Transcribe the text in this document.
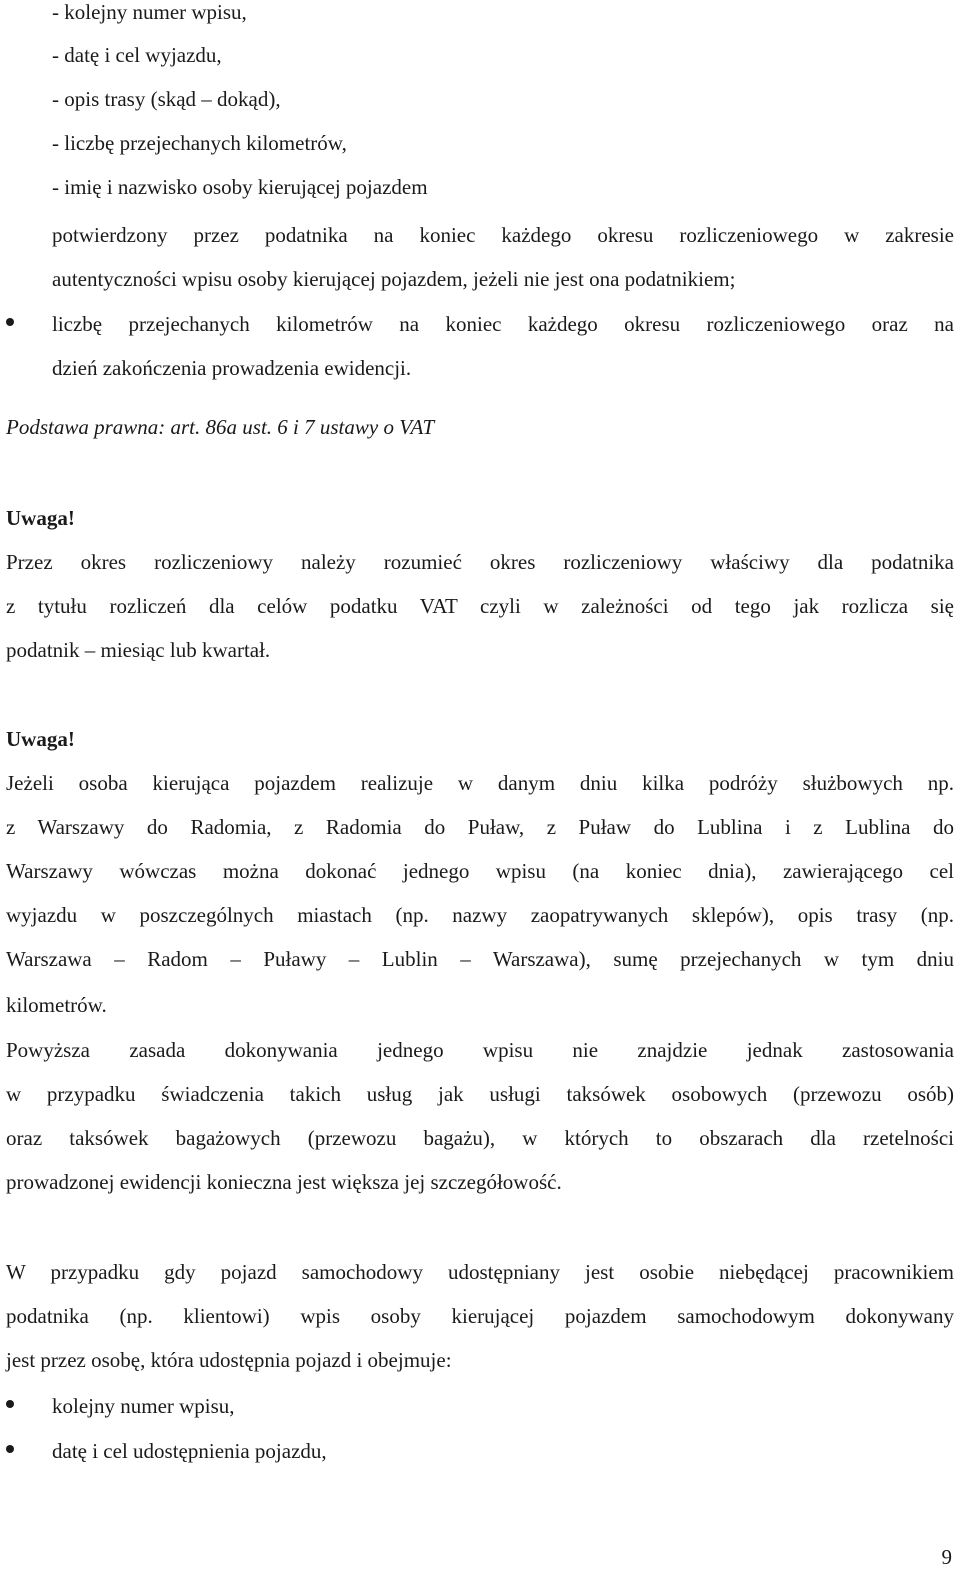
- kolejny numer wpisu,
- datę i cel wyjazdu,
- opis trasy (skąd – dokąd),
- liczbę przejechanych kilometrów,
- imię i nazwisko osoby kierującej pojazdem
potwierdzony przez podatnika na koniec każdego okresu rozliczeniowego w zakresie
autentyczności wpisu osoby kierującej pojazdem, jeżeli nie jest ona podatnikiem;
liczbę przejechanych kilometrów na koniec każdego okresu rozliczeniowego oraz na
dzień zakończenia prowadzenia ewidencji.
Podstawa prawna: art. 86a ust. 6 i 7 ustawy o VAT
Uwaga!
Przez okres rozliczeniowy należy rozumieć okres rozliczeniowy właściwy dla podatnika
z tytułu rozliczeń dla celów podatku VAT czyli w zależności od tego jak rozlicza się
podatnik – miesiąc lub kwartał.
Uwaga!
Jeżeli osoba kierująca pojazdem realizuje w danym dniu kilka podróży służbowych np.
z Warszawy do Radomia, z Radomia do Puław, z Puław do Lublina i z Lublina do
Warszawy wówczas można dokonać jednego wpisu (na koniec dnia), zawierającego cel
wyjazdu w poszczególnych miastach (np. nazwy zaopatrywanych sklepów), opis trasy (np.
Warszawa – Radom – Puławy – Lublin – Warszawa), sumę przejechanych w tym dniu
kilometrów.
Powyższa zasada dokonywania jednego wpisu nie znajdzie jednak zastosowania
w przypadku świadczenia takich usług jak usługi taksówek osobowych (przewozu osób)
oraz taksówek bagażowych (przewozu bagażu), w których to obszarach dla rzetelności
prowadzonej ewidencji konieczna jest większa jej szczegółowość.
W przypadku gdy pojazd samochodowy udostępniany jest osobie niebędącej pracownikiem
podatnika (np. klientowi) wpis osoby kierującej pojazdem samochodowym dokonywany
jest przez osobę, która udostępnia pojazd i obejmuje:
kolejny numer wpisu,
datę i cel udostępnienia pojazdu,
9
